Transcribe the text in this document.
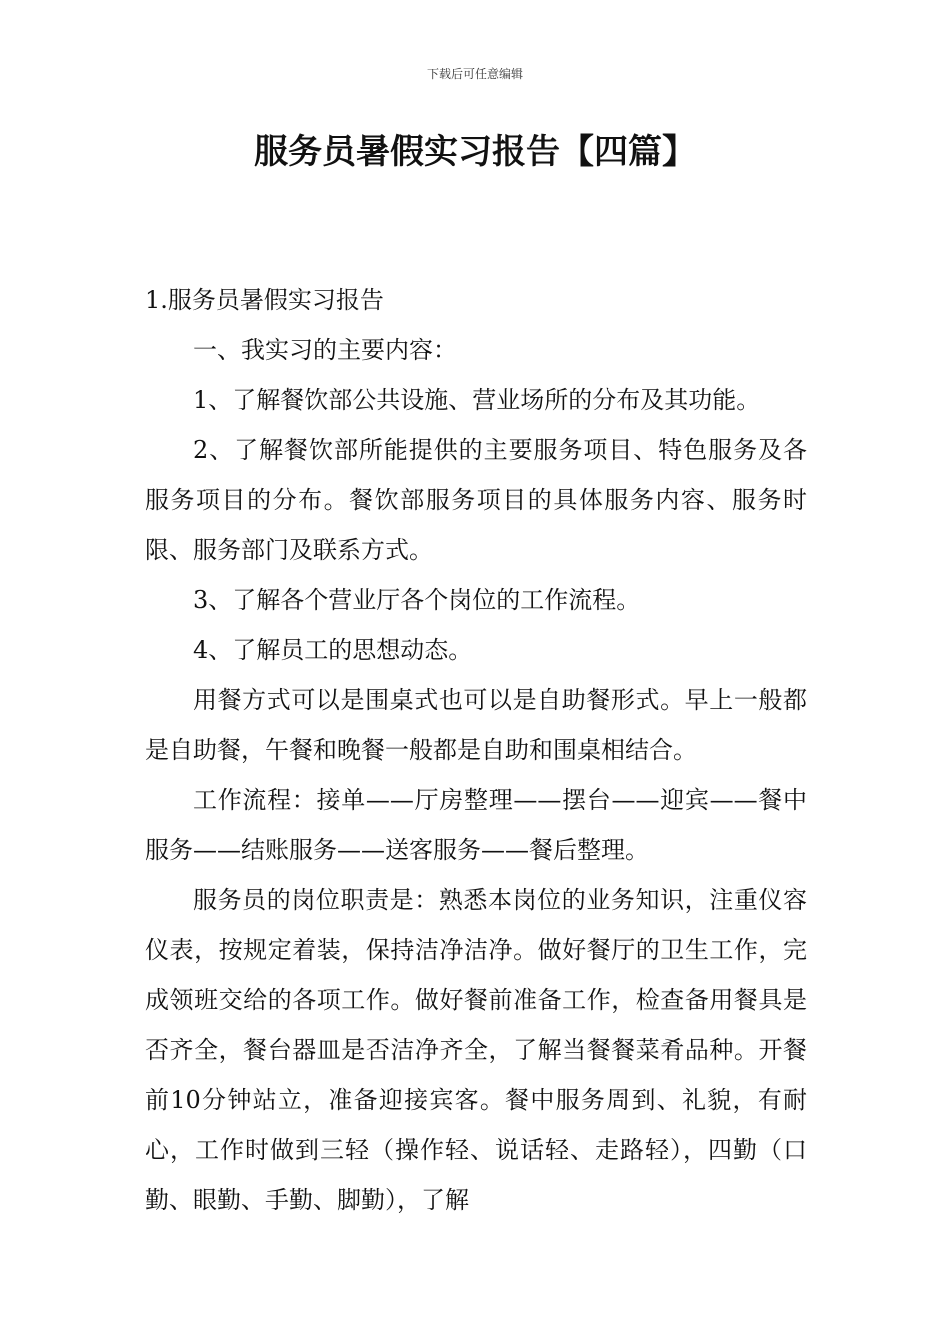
下载后可任意编辑
服务员暑假实习报告【四篇】

1.服务员暑假实习报告

一、我实习的主要内容：

1、了解餐饮部公共设施、营业场所的分布及其功能。

2、了解餐饮部所能提供的主要服务项目、特色服务及各服务项目的分布。餐饮部服务项目的具体服务内容、服务时限、服务部门及联系方式。

3、了解各个营业厅各个岗位的工作流程。

4、了解员工的思想动态。

用餐方式可以是围桌式也可以是自助餐形式。早上一般都是自助餐，午餐和晚餐一般都是自助和围桌相结合。

工作流程：接单——厅房整理——摆台——迎宾——餐中服务——结账服务——送客服务——餐后整理。

服务员的岗位职责是：熟悉本岗位的业务知识，注重仪容仪表，按规定着装，保持洁净洁净。做好餐厅的卫生工作，完成领班交给的各项工作。做好餐前准备工作，检查备用餐具是否齐全，餐台器皿是否洁净齐全，了解当餐餐菜肴品种。开餐前10分钟站立，准备迎接宾客。餐中服务周到、礼貌，有耐心，工作时做到三轻（操作轻、说话轻、走路轻），四勤（口勤、眼勤、手勤、脚勤），了解
